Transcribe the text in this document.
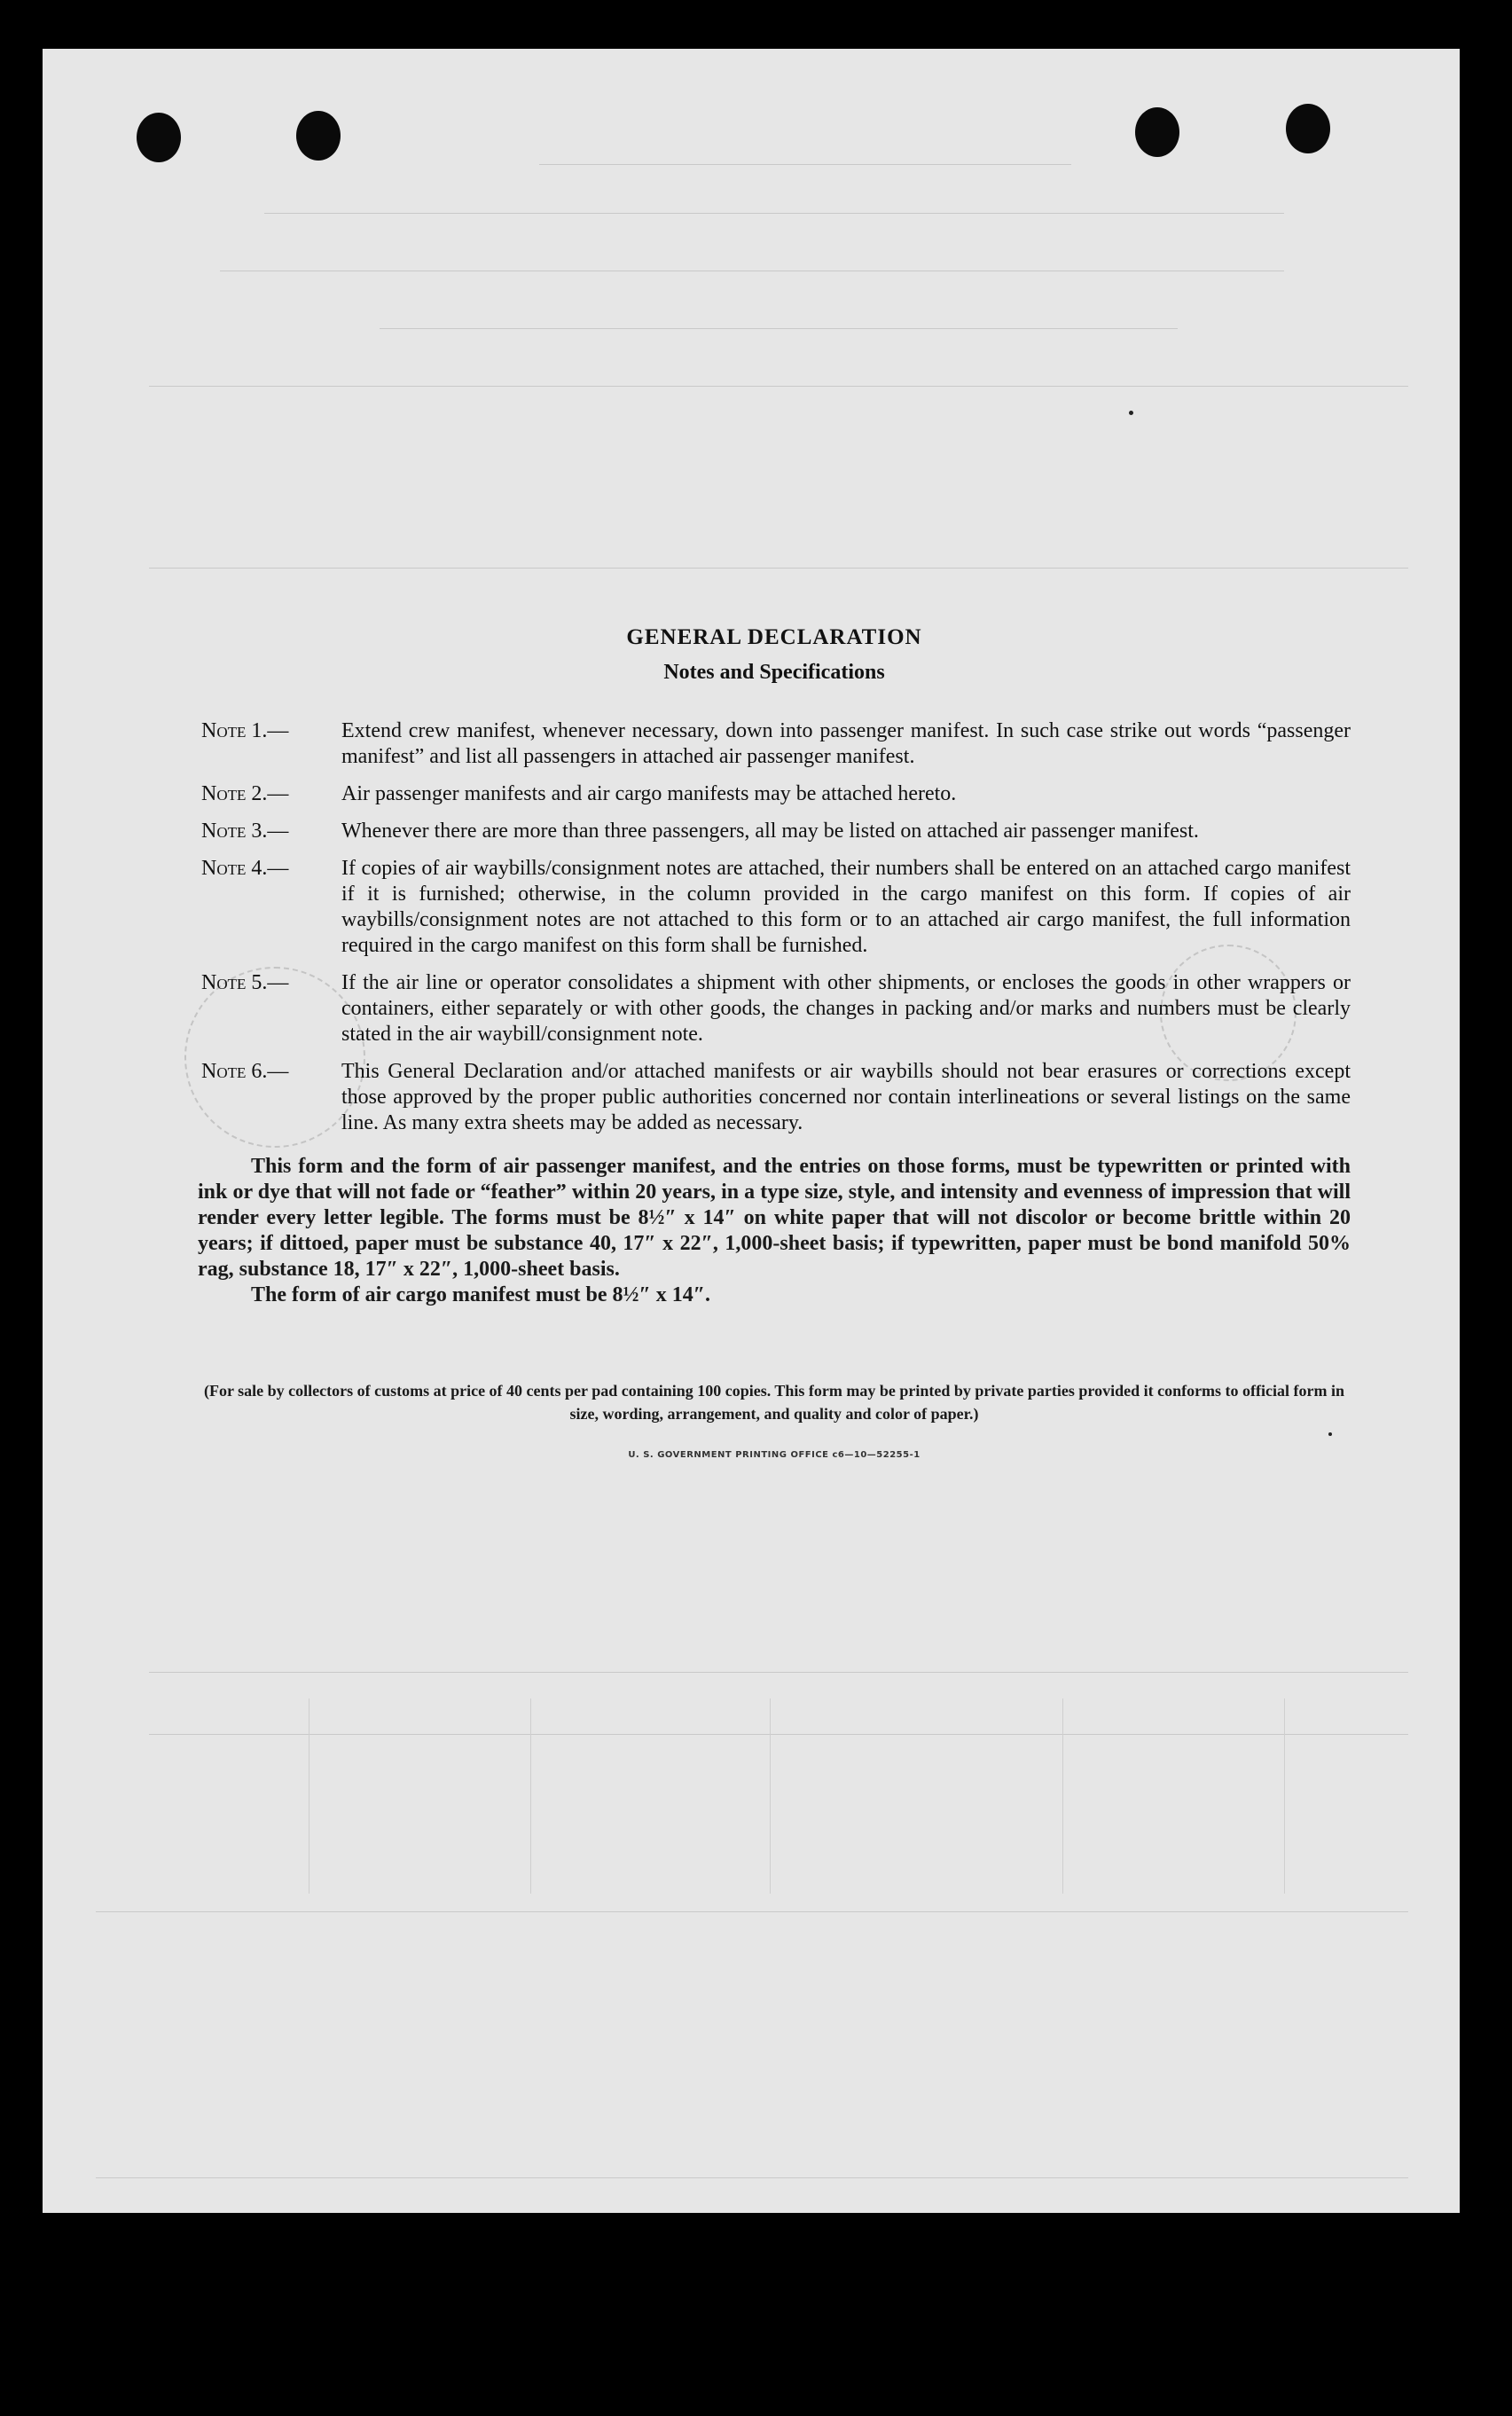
GENERAL DECLARATION
Notes and Specifications
Note 1.— Extend crew manifest, whenever necessary, down into passenger manifest. In such case strike out words “passenger manifest” and list all passengers in attached air passenger manifest.
Note 2.— Air passenger manifests and air cargo manifests may be attached hereto.
Note 3.— Whenever there are more than three passengers, all may be listed on attached air passenger manifest.
Note 4.— If copies of air waybills/consignment notes are attached, their numbers shall be entered on an attached cargo manifest if it is furnished; otherwise, in the column provided in the cargo manifest on this form. If copies of air waybills/consignment notes are not attached to this form or to an attached air cargo manifest, the full information required in the cargo manifest on this form shall be furnished.
Note 5.— If the air line or operator consolidates a shipment with other shipments, or encloses the goods in other wrappers or containers, either separately or with other goods, the changes in packing and/or marks and numbers must be clearly stated in the air waybill/consignment note.
Note 6.— This General Declaration and/or attached manifests or air waybills should not bear erasures or corrections except those approved by the proper public authorities concerned nor contain interlineations or several listings on the same line. As many extra sheets may be added as necessary.
This form and the form of air passenger manifest, and the entries on those forms, must be typewritten or printed with ink or dye that will not fade or “feather” within 20 years, in a type size, style, and intensity and evenness of impression that will render every letter legible. The forms must be 8½″ x 14″ on white paper that will not discolor or become brittle within 20 years; if dittoed, paper must be substance 40, 17″ x 22″, 1,000-sheet basis; if typewritten, paper must be bond manifold 50% rag, substance 18, 17″ x 22″, 1,000-sheet basis.
The form of air cargo manifest must be 8½″ x 14″.
(For sale by collectors of customs at price of 40 cents per pad containing 100 copies. This form may be printed by private parties provided it conforms to official form in size, wording, arrangement, and quality and color of paper.)
U. S. GOVERNMENT PRINTING OFFICE c6—10—52255-1
